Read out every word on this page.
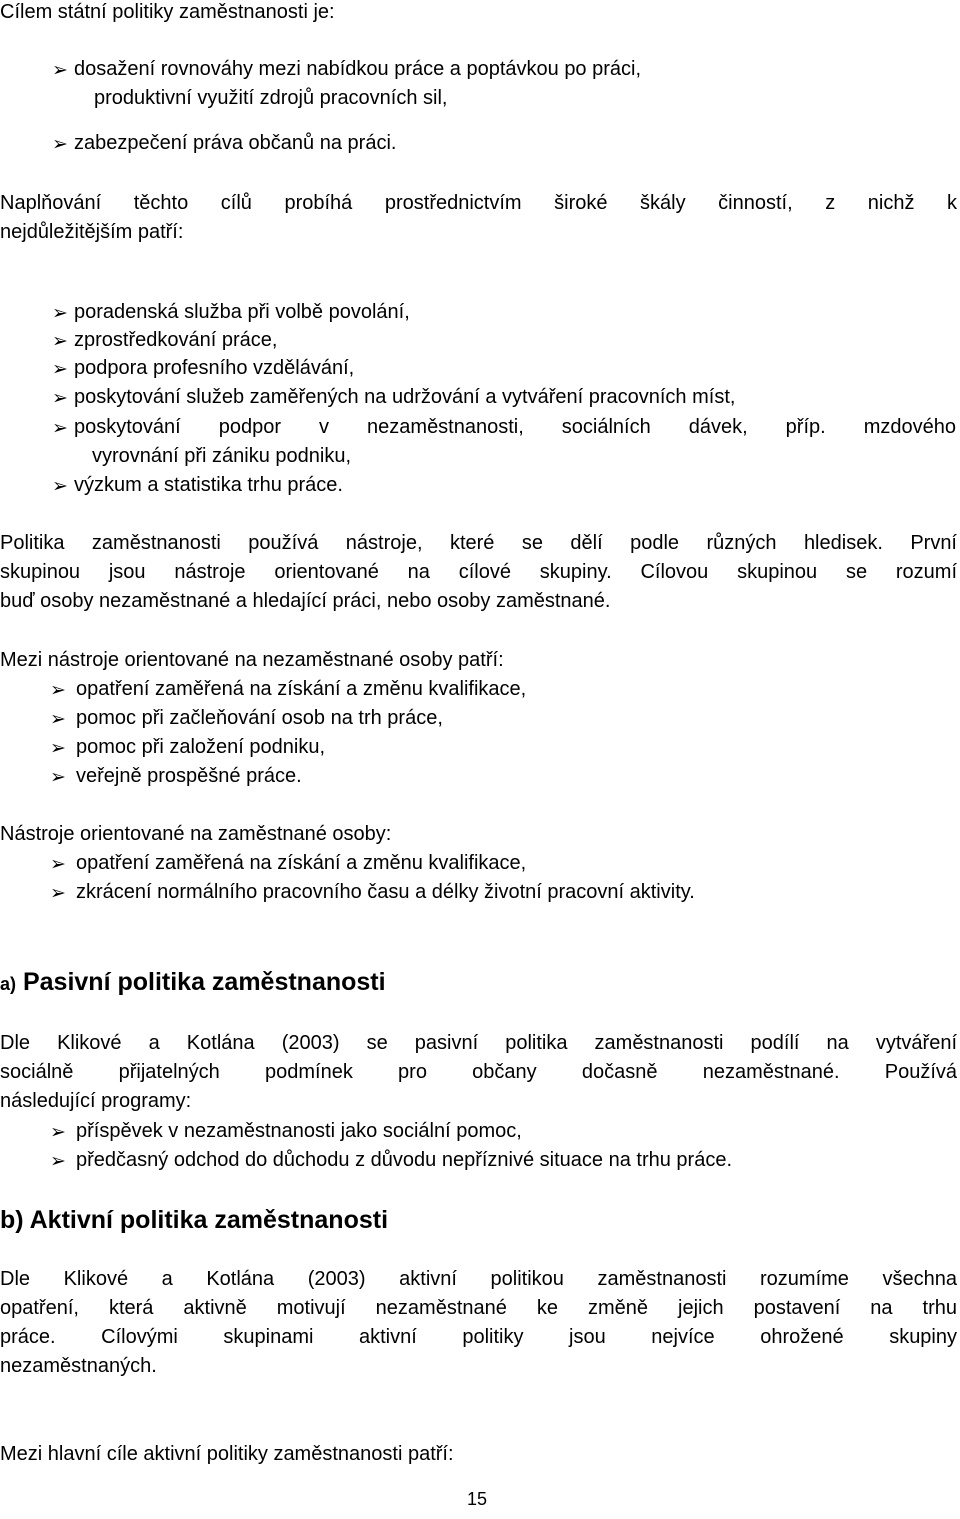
Cílem státní politiky zaměstnanosti je:
➢ dosažení rovnováhy mezi nabídkou práce a poptávkou po práci,
produktivní využití zdrojů pracovních sil,
➢ zabezpečení práva občanů na práci.
Naplňování těchto cílů probíhá prostřednictvím široké škály činností, z nichž k
nejdůležitějším patří:
➢ poradenská služba při volbě povolání,
➢ zprostředkování práce,
➢ podpora profesního vzdělávání,
➢ poskytování služeb zaměřených na udržování a vytváření pracovních míst,
➢ poskytování podpor v nezaměstnanosti, sociálních dávek, příp. mzdového
vyrovnání při zániku podniku,
➢ výzkum a statistika trhu práce.
Politika zaměstnanosti používá nástroje, které se dělí podle různých hledisek. První
skupinou jsou nástroje orientované na cílové skupiny. Cílovou skupinou se rozumí
buď osoby nezaměstnané a hledající práci, nebo osoby zaměstnané.
Mezi nástroje orientované na nezaměstnané osoby patří:
➢ opatření zaměřená na získání a změnu kvalifikace,
➢ pomoc při začleňování osob na trh práce,
➢ pomoc při založení podniku,
➢ veřejně prospěšné práce.
Nástroje orientované na zaměstnané osoby:
➢ opatření zaměřená na získání a změnu kvalifikace,
➢ zkrácení normálního pracovního času a délky životní pracovní aktivity.
a) Pasivní politika zaměstnanosti
Dle Klikové a Kotlána (2003) se pasivní politika zaměstnanosti podílí na vytváření
sociálně přijatelných podmínek pro občany dočasně nezaměstnané. Používá
následující programy:
➢ příspěvek v nezaměstnanosti jako sociální pomoc,
➢ předčasný odchod do důchodu z důvodu nepříznivé situace na trhu práce.
b) Aktivní politika zaměstnanosti
Dle Klikové a Kotlána (2003) aktivní politikou zaměstnanosti rozumíme všechna
opatření, která aktivně motivují nezaměstnané ke změně jejich postavení na trhu
práce. Cílovými skupinami aktivní politiky jsou nejvíce ohrožené skupiny
nezaměstnaných.
Mezi hlavní cíle aktivní politiky zaměstnanosti patří:
15
